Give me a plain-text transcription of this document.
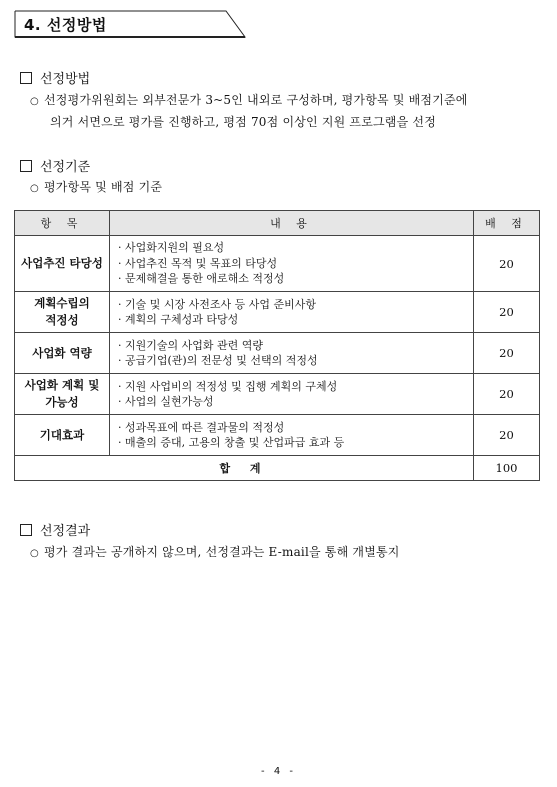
4. 선정방법
선정방법
○ 선정평가위원회는 외부전문가 3~5인 내외로 구성하며, 평가항목 및 배점기준에
의거 서면으로 평가를 진행하고, 평점 70점 이상인 지원 프로그램을 선정
선정기준
○ 평가항목 및 배점 기준
항 목	내 용	배 점

사업추진 타당성	· 사업화지원의 필요성
· 사업추진 목적 및 목표의 타당성
· 문제해결을 통한 애로해소 적정성	20

계획수립의
적정성	· 기술 및 시장 사전조사 등 사업 준비사항
· 계획의 구체성과 타당성	20

사업화 역량	· 지원기술의 사업화 관련 역량
· 공급기업(관)의 전문성 및 선택의 적정성	20

사업화 계획 및
가능성	· 지원 사업비의 적정성 및 집행 계획의 구체성
· 사업의 실현가능성	20

기대효과	· 성과목표에 따른 결과물의 적정성
· 매출의 증대, 고용의 창출 및 산업파급 효과 등	20
합 계		100
선정결과
○ 평가 결과는 공개하지 않으며, 선정결과는 E-mail을 통해 개별통지
- 4 -
